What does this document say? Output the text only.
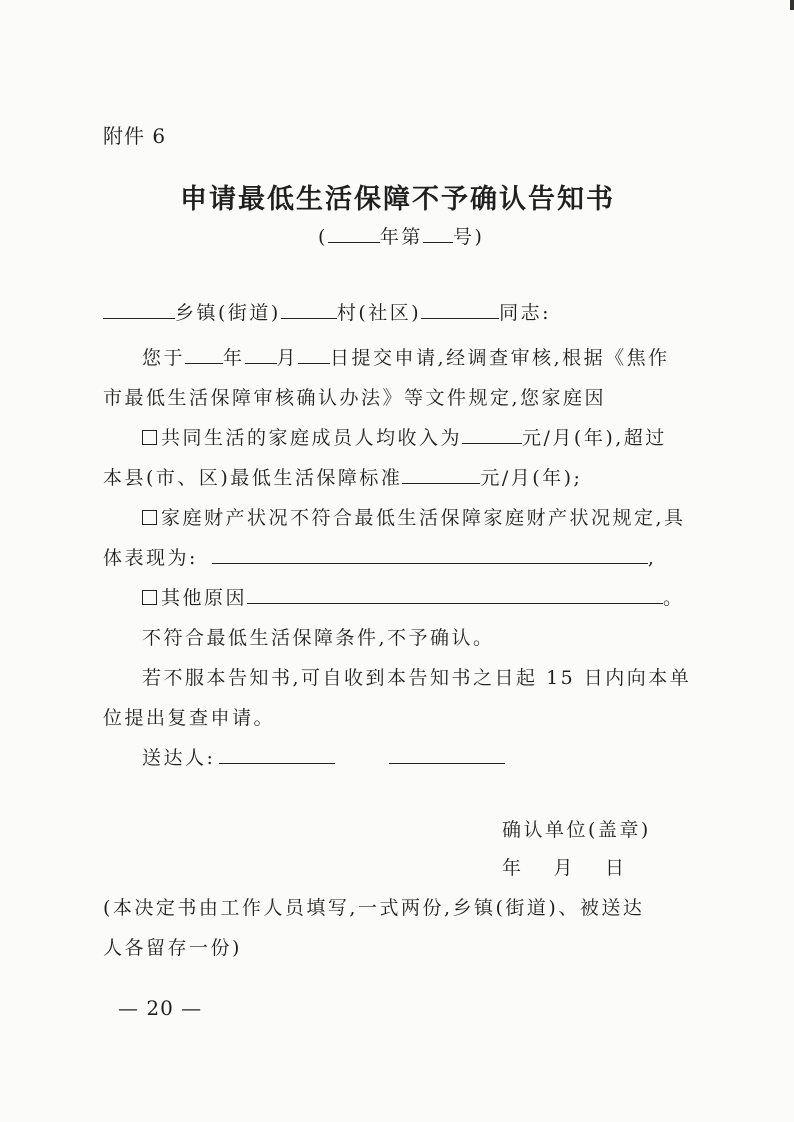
附件 6
申请最低生活保障不予确认告知书
(	年第 号)
乡镇(街道)	村(社区)	同志:
您于 年 月 日提交申请,经调查审核,根据《焦作
市最低生活保障审核确认办法》等文件规定,您家庭因
共同生活的家庭成员人均收入为	元/月(年),超过
本县(市、区)最低生活保障标准	元/月(年);
家庭财产状况不符合最低生活保障家庭财产状况规定,具
体表现为:	,
其他原因	。
不符合最低生活保障条件,不予确认。
若不服本告知书,可自收到本告知书之日起 15 日内向本单
位提出复查申请。
送达人:
确认单位(盖章)
年 月 日
(本决定书由工作人员填写,一式两份,乡镇(街道)、被送达
人各留存一份)
— 20 —
